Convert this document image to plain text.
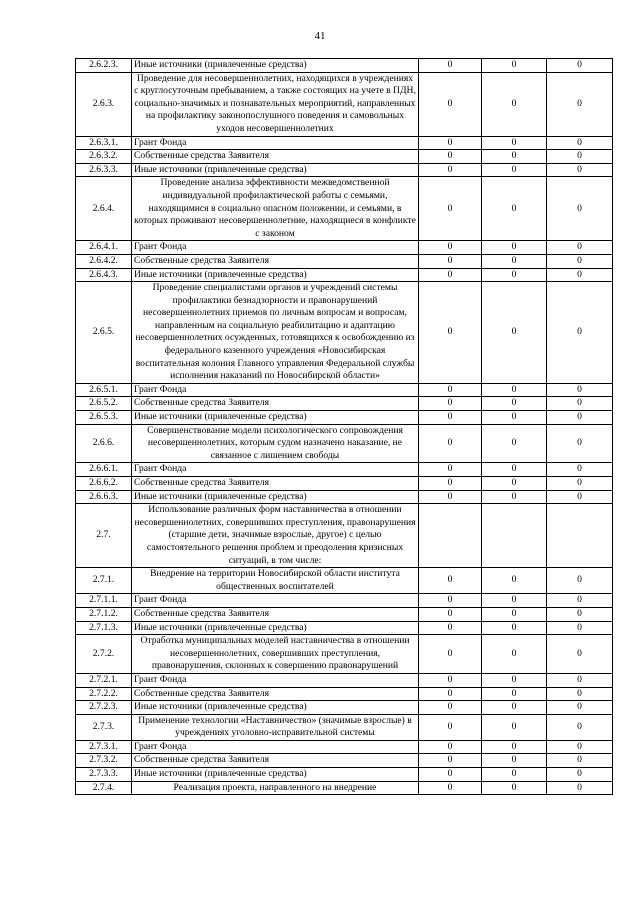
41
2.6.2.3.	Иные источники (привлеченные средства)	0	0	0
2.6.3.	Проведение для несовершеннолетних, находящихся в учреждениях с круглосуточным пребыванием, а также состоящих на учете в ПДН, социально-значимых и познавательных мероприятий, направленных на профилактику законопослушного поведения и самовольных уходов несовершеннолетних	0	0	0
2.6.3.1.	Грант Фонда	0	0	0
2.6.3.2.	Собственные средства Заявителя	0	0	0
2.6.3.3.	Иные источники (привлеченные средства)	0	0	0
2.6.4.	Проведение анализа эффективности межведомственной индивидуальной профилактической работы с семьями, находящимися в социально опасном положении, и семьями, в которых проживают несовершеннолетние, находящиеся в конфликте с законом	0	0	0
2.6.4.1.	Грант Фонда	0	0	0
2.6.4.2.	Собственные средства Заявителя	0	0	0
2.6.4.3.	Иные источники (привлеченные средства)	0	0	0
2.6.5.	Проведение специалистами органов и учреждений системы профилактики безнадзорности и правонарушений несовершеннолетних приемов по личным вопросам и вопросам, направленным на социальную реабилитацию и адаптацию несовершеннолетних осужденных, готовящихся к освобождению из федерального казенного учреждения «Новосибирская воспитательная колония Главного управления Федеральной службы исполнения наказаний по Новосибирской области»	0	0	0
2.6.5.1.	Грант Фонда	0	0	0
2.6.5.2.	Собственные средства Заявителя	0	0	0
2.6.5.3.	Иные источники (привлеченные средства)	0	0	0
2.6.6.	Совершенствование модели психологического сопровождения несовершеннолетних, которым судом назначено наказание, не связанное с лишением свободы	0	0	0
2.6.6.1.	Грант Фонда	0	0	0
2.6.6.2.	Собственные средства Заявителя	0	0	0
2.6.6.3.	Иные источники (привлеченные средства)	0	0	0
2.7.	Использование различных форм наставничества в отношении несовершеннолетних, совершивших преступления, правонарушения (старшие дети, значимые взрослые, другое) с целью самостоятельного решения проблем и преодоления кризисных ситуаций, в том числе:			
2.7.1.	Внедрение на территории Новосибирской области института общественных воспитателей	0	0	0
2.7.1.1.	Грант Фонда	0	0	0
2.7.1.2.	Собственные средства Заявителя	0	0	0
2.7.1.3.	Иные источники (привлеченные средства)	0	0	0
2.7.2.	Отработка муниципальных моделей наставничества в отношении несовершеннолетних, совершивших преступления, правонарушения, склонных к совершению правонарушений	0	0	0
2.7.2.1.	Грант Фонда	0	0	0
2.7.2.2.	Собственные средства Заявителя	0	0	0
2.7.2.3.	Иные источники (привлеченные средства)	0	0	0
2.7.3.	Применение технологии «Наставничество» (значимые взрослые) в учреждениях уголовно-исправительной системы	0	0	0
2.7.3.1.	Грант Фонда	0	0	0
2.7.3.2.	Собственные средства Заявителя	0	0	0
2.7.3.3.	Иные источники (привлеченные средства)	0	0	0
2.7.4.	Реализация проекта, направленного на внедрение	0	0	0
